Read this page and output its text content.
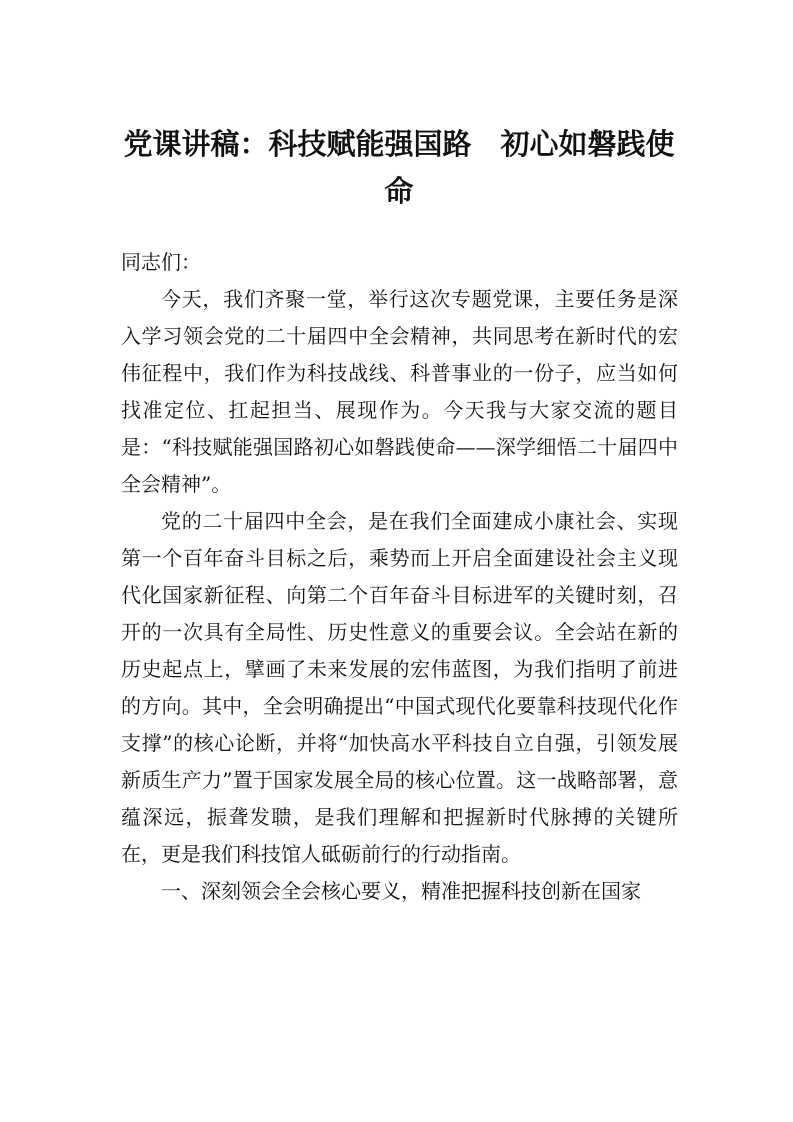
党课讲稿：科技赋能强国路　初心如磐践使
命

同志们：

今天，我们齐聚一堂，举行这次专题党课，主要任务是深入学习领会党的二十届四中全会精神，共同思考在新时代的宏伟征程中，我们作为科技战线、科普事业的一份子，应当如何找准定位、扛起担当、展现作为。今天我与大家交流的题目是：“科技赋能强国路初心如磐践使命——深学细悟二十届四中全会精神”。

党的二十届四中全会，是在我们全面建成小康社会、实现第一个百年奋斗目标之后，乘势而上开启全面建设社会主义现代化国家新征程、向第二个百年奋斗目标进军的关键时刻，召开的一次具有全局性、历史性意义的重要会议。全会站在新的历史起点上，擘画了未来发展的宏伟蓝图，为我们指明了前进的方向。其中，全会明确提出“中国式现代化要靠科技现代化作支撑”的核心论断，并将“加快高水平科技自立自强，引领发展新质生产力”置于国家发展全局的核心位置。这一战略部署，意蕴深远，振聋发聩，是我们理解和把握新时代脉搏的关键所在，更是我们科技馆人砥砺前行的行动指南。

一、深刻领会全会核心要义，精准把握科技创新在国家
